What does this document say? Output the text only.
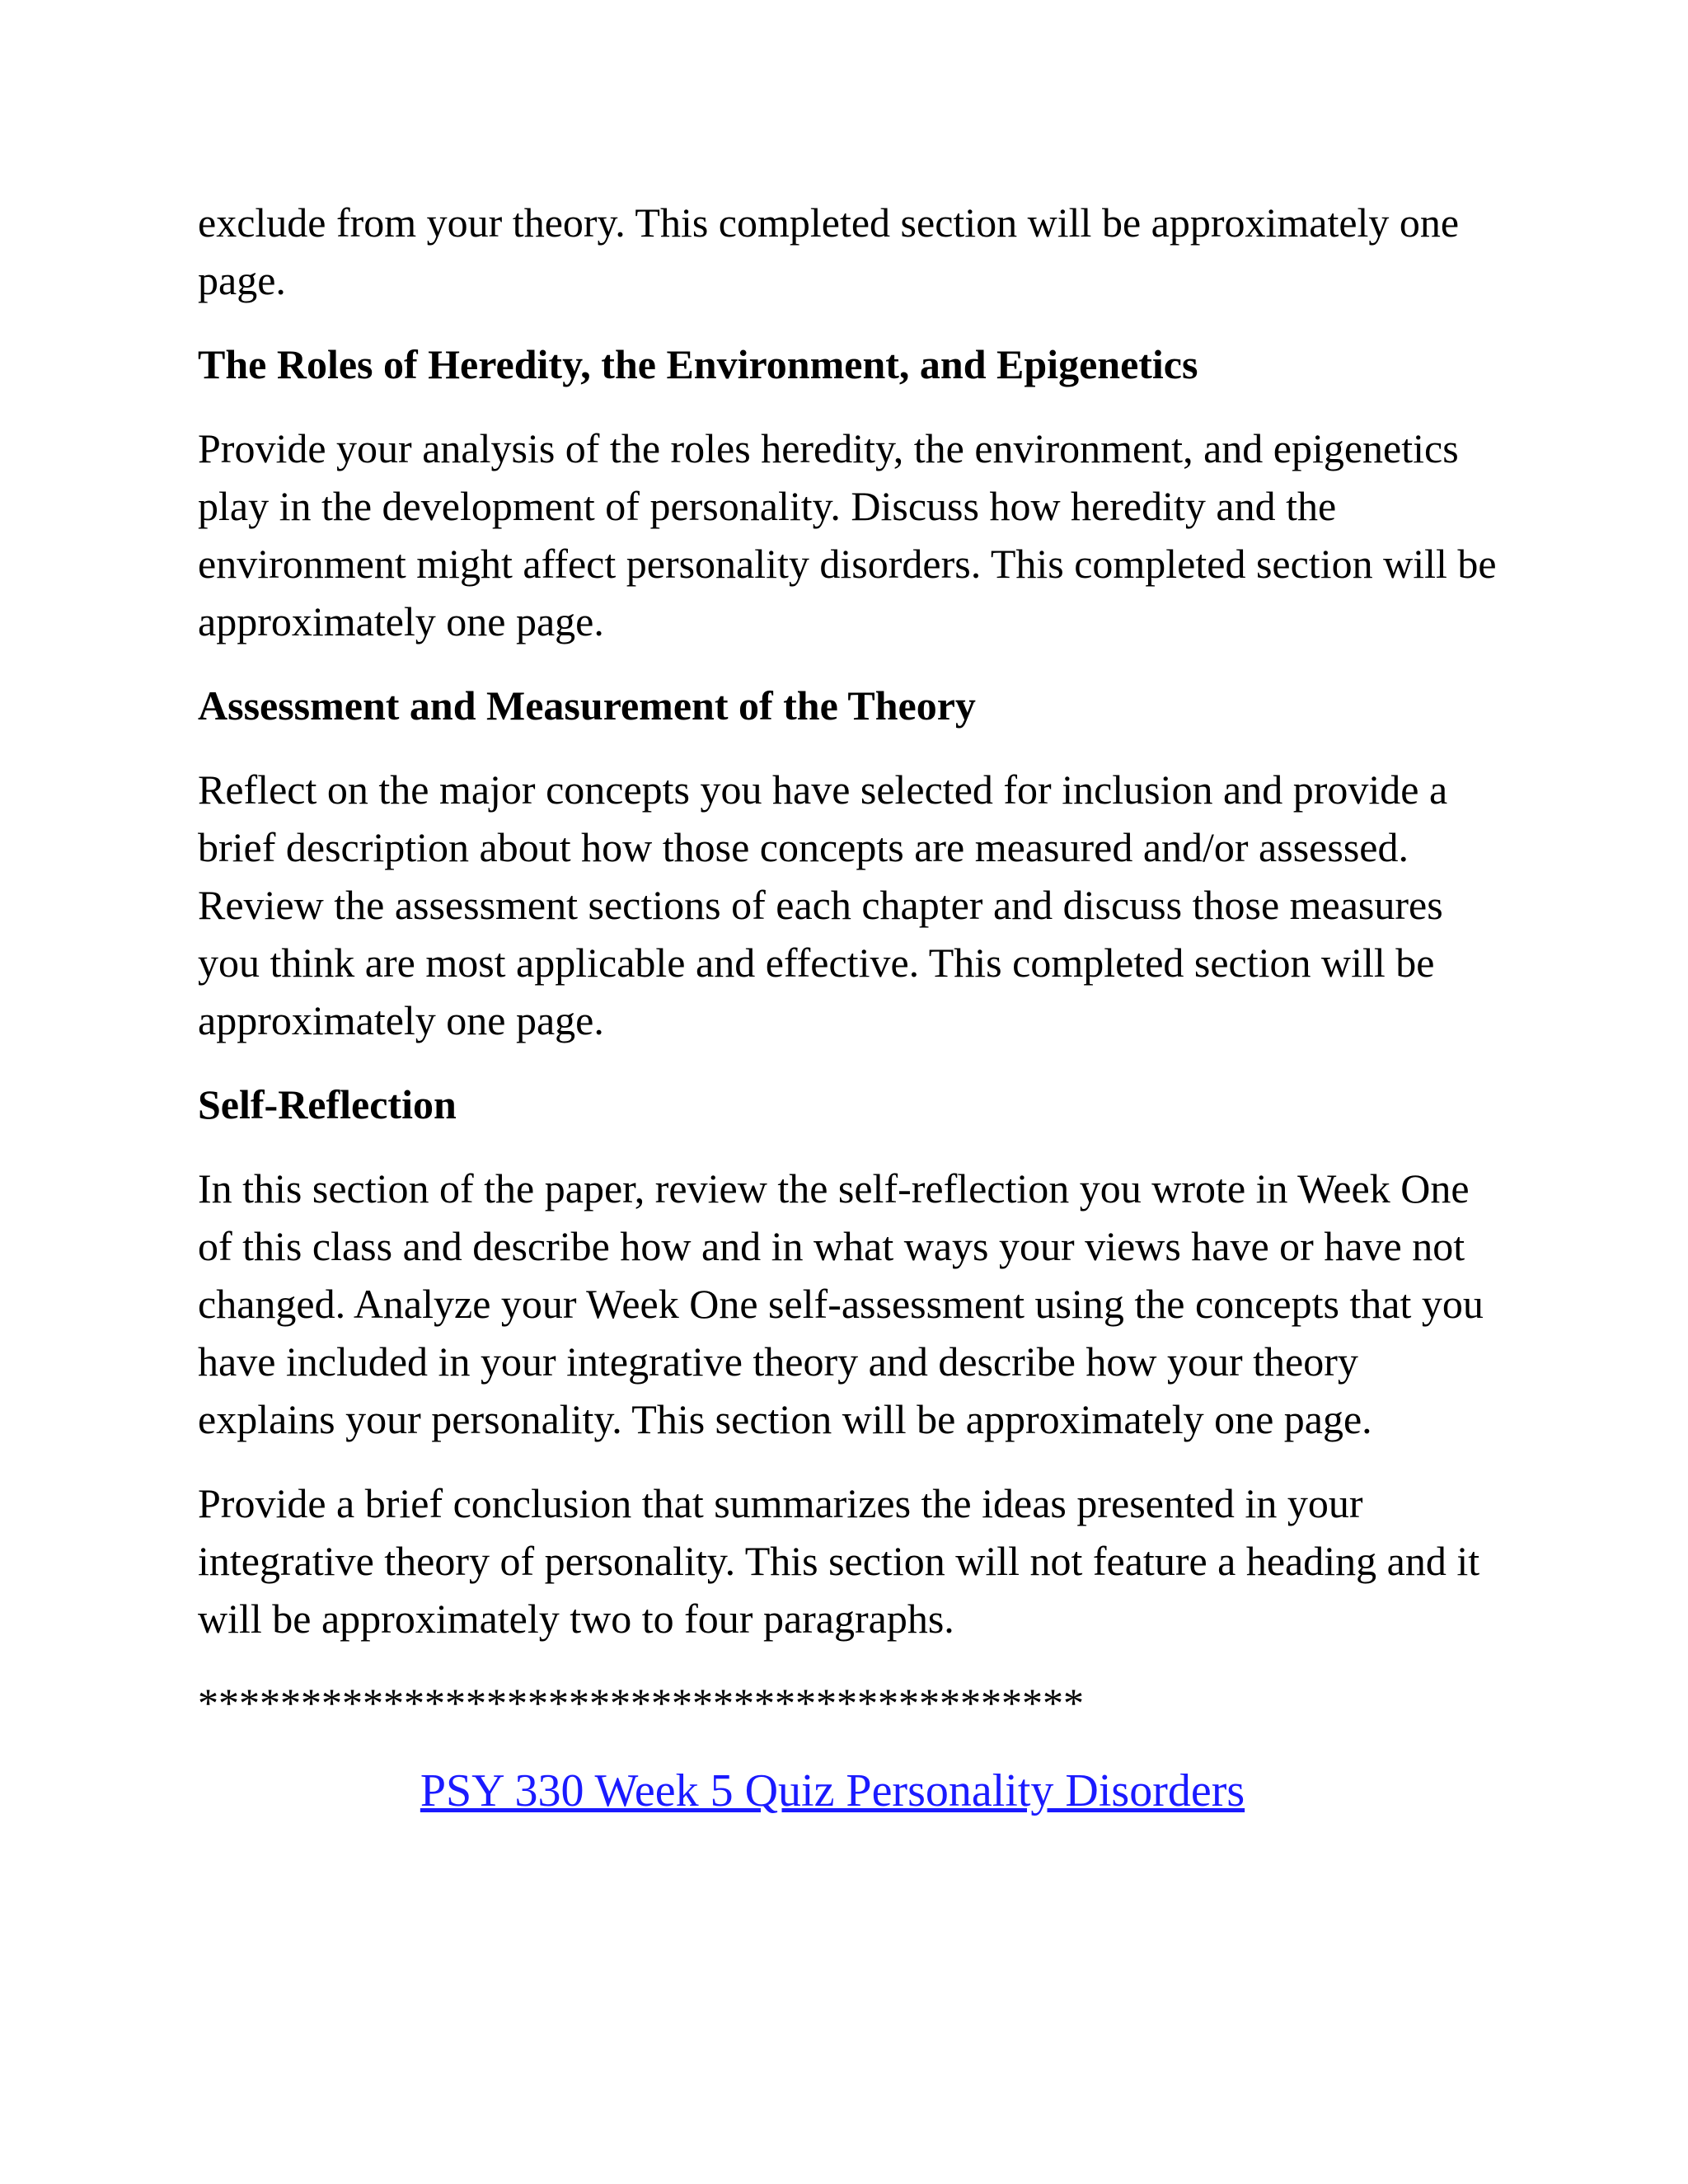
exclude from your theory. This completed section will be approximately one page.

The Roles of Heredity, the Environment, and Epigenetics

Provide your analysis of the roles heredity, the environment, and epigenetics play in the development of personality. Discuss how heredity and the environment might affect personality disorders. This completed section will be approximately one page.

Assessment and Measurement of the Theory

Reflect on the major concepts you have selected for inclusion and provide a brief description about how those concepts are measured and/or assessed. Review the assessment sections of each chapter and discuss those measures you think are most applicable and effective. This completed section will be approximately one page.

Self-Reflection

In this section of the paper, review the self-reflection you wrote in Week One of this class and describe how and in what ways your views have or have not changed. Analyze your Week One self-assessment using the concepts that you have included in your integrative theory and describe how your theory explains your personality. This section will be approximately one page.

Provide a brief conclusion that summarizes the ideas presented in your integrative theory of personality. This section will not feature a heading and it will be approximately two to four paragraphs.

*******************************************

PSY 330 Week 5 Quiz Personality Disorders
